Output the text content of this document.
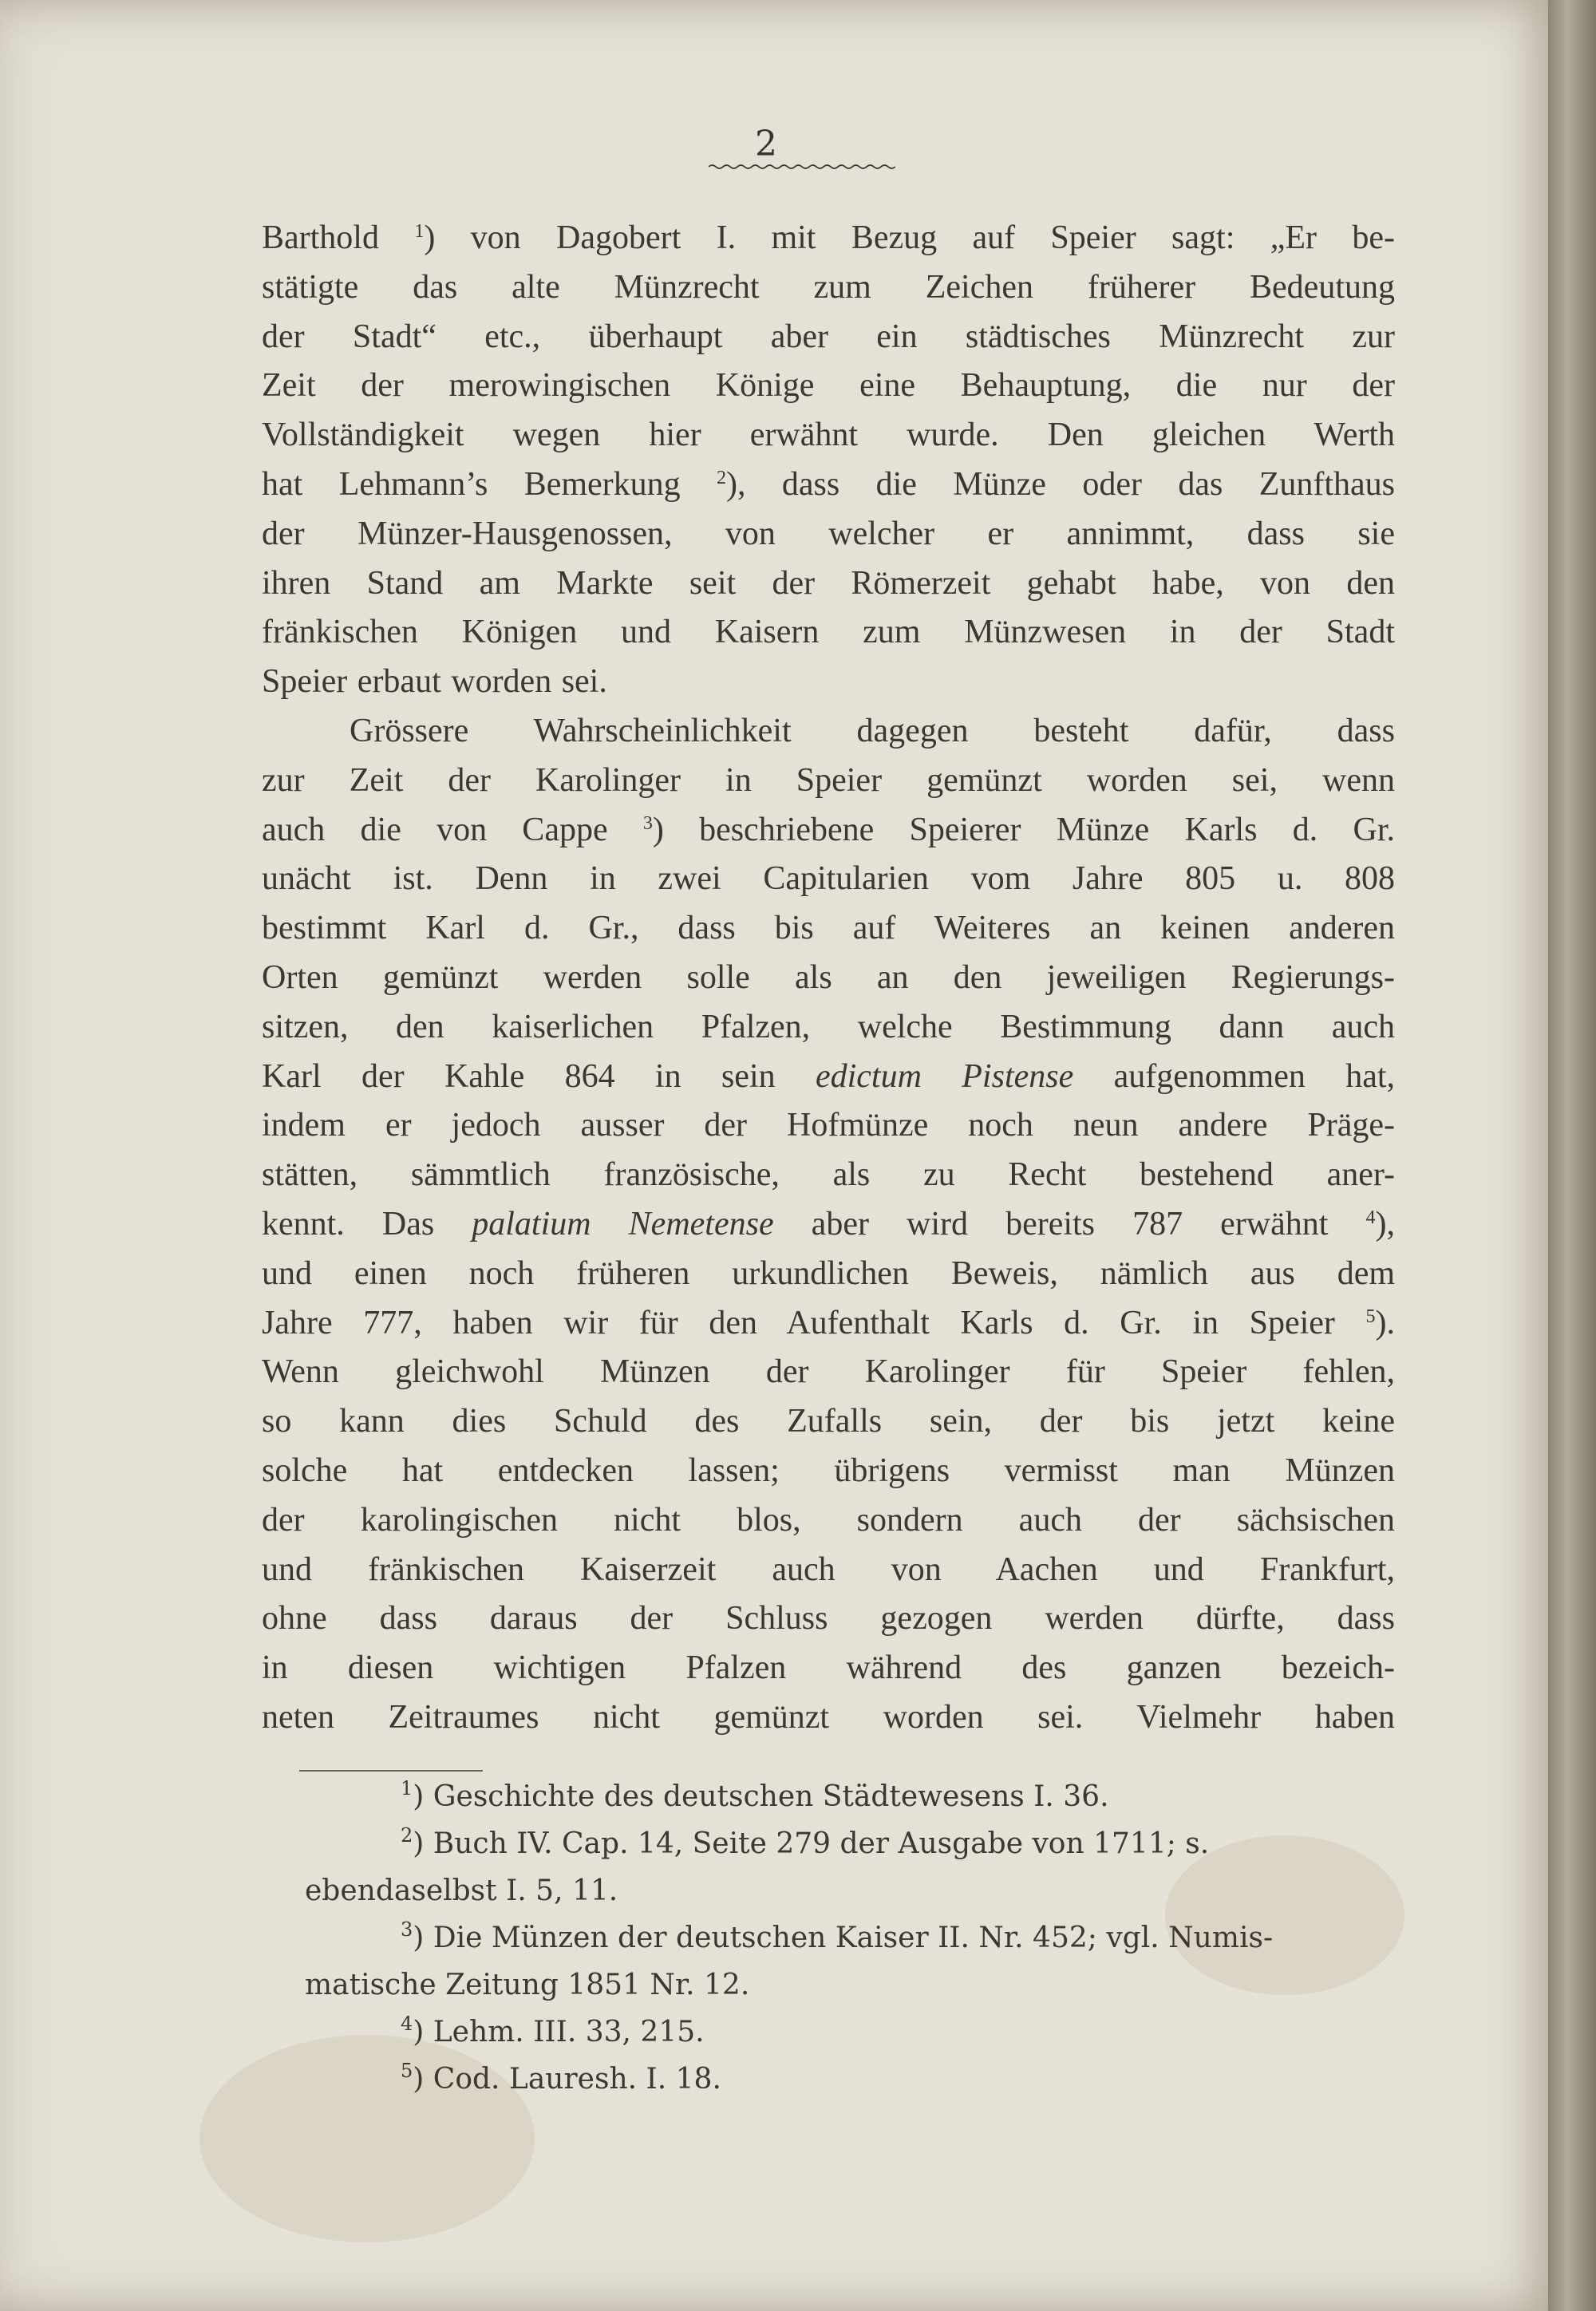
2
Barthold $^1$) von Dagobert I. mit Bezug auf Speier sagt: „Er be-
stätigte das alte Münzrecht zum Zeichen früherer Bedeutung
der Stadt“ etc., überhaupt aber ein städtisches Münzrecht zur
Zeit der merowingischen Könige eine Behauptung, die nur der
Vollständigkeit wegen hier erwähnt wurde. Den gleichen Werth
hat Lehmann’s Bemerkung $^2$), dass die Münze oder das Zunfthaus
der Münzer-Hausgenossen, von welcher er annimmt, dass sie
ihren Stand am Markte seit der Römerzeit gehabt habe, von den
fränkischen Königen und Kaisern zum Münzwesen in der Stadt
Speier erbaut worden sei.
Grössere Wahrscheinlichkeit dagegen besteht dafür, dass
zur Zeit der Karolinger in Speier gemünzt worden sei, wenn
auch die von Cappe $^3$) beschriebene Speierer Münze Karls d. Gr.
unächt ist. Denn in zwei Capitularien vom Jahre 805 u. 808
bestimmt Karl d. Gr., dass bis auf Weiteres an keinen anderen
Orten gemünzt werden solle als an den jeweiligen Regierungs-
sitzen, den kaiserlichen Pfalzen, welche Bestimmung dann auch
Karl der Kahle 864 in sein edictum Pistense aufgenommen hat,
indem er jedoch ausser der Hofmünze noch neun andere Präge-
stätten, sämmtlich französische, als zu Recht bestehend aner-
kennt. Das palatium Nemetense aber wird bereits 787 erwähnt $^4$),
und einen noch früheren urkundlichen Beweis, nämlich aus dem
Jahre 777, haben wir für den Aufenthalt Karls d. Gr. in Speier $^5$).
Wenn gleichwohl Münzen der Karolinger für Speier fehlen,
so kann dies Schuld des Zufalls sein, der bis jetzt keine
solche hat entdecken lassen; übrigens vermisst man Münzen
der karolingischen nicht blos, sondern auch der sächsischen
und fränkischen Kaiserzeit auch von Aachen und Frankfurt,
ohne dass daraus der Schluss gezogen werden dürfte, dass
in diesen wichtigen Pfalzen während des ganzen bezeich-
neten Zeitraumes nicht gemünzt worden sei. Vielmehr haben
$^1$) Geschichte des deutschen Städtewesens I. 36.
$^2$) Buch IV. Cap. 14, Seite 279 der Ausgabe von 1711; s.
ebendaselbst I. 5, 11.
$^3$) Die Münzen der deutschen Kaiser II. Nr. 452; vgl. Numis-
matische Zeitung 1851 Nr. 12.
$^4$) Lehm. III. 33, 215.
$^5$) Cod. Lauresh. I. 18.
